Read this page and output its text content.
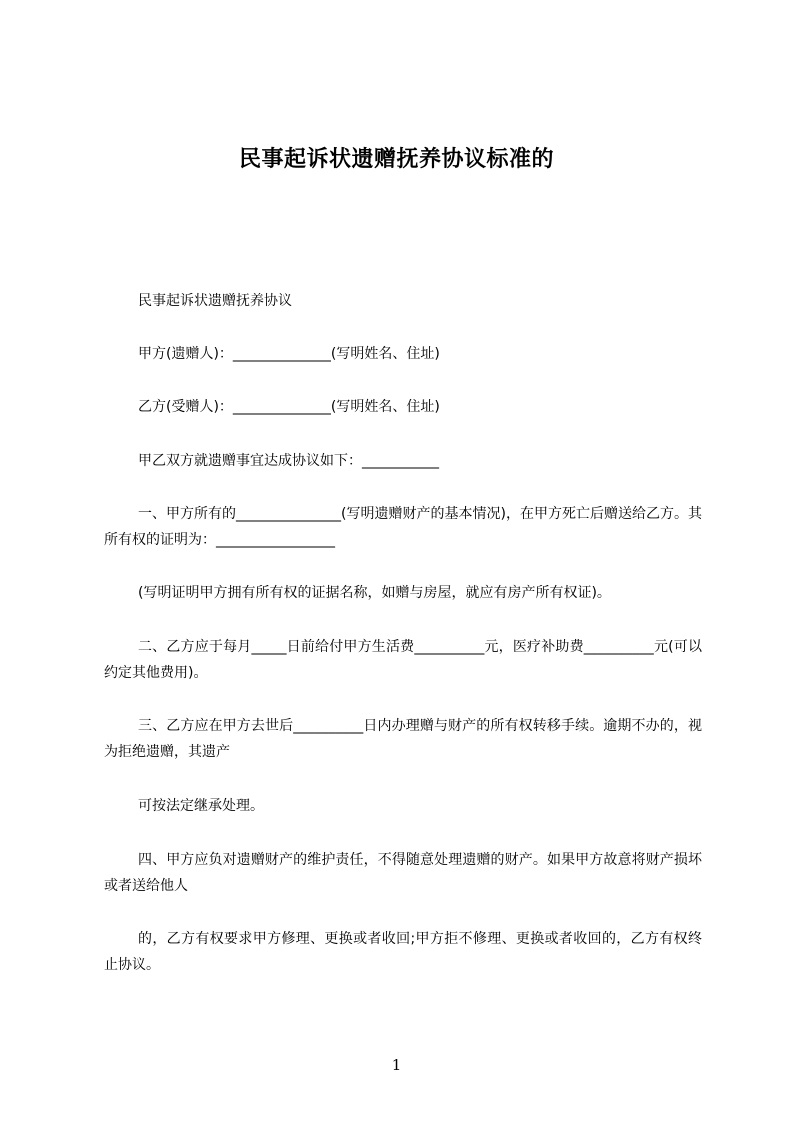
民事起诉状遗赠抚养协议标准的
民事起诉状遗赠抚养协议
甲方(遗赠人)：______________(写明姓名、住址)
乙方(受赠人)：______________(写明姓名、住址)
甲乙双方就遗赠事宜达成协议如下：___________
一、甲方所有的_______________(写明遗赠财产的基本情况)，在甲方死亡后赠送给乙方。其所有权的证明为：_________________
(写明证明甲方拥有所有权的证据名称，如赠与房屋，就应有房产所有权证)。
二、乙方应于每月_____日前给付甲方生活费__________元，医疗补助费__________元(可以约定其他费用)。
三、乙方应在甲方去世后__________日内办理赠与财产的所有权转移手续。逾期不办的，视为拒绝遗赠，其遗产
可按法定继承处理。
四、甲方应负对遗赠财产的维护责任，不得随意处理遗赠的财产。如果甲方故意将财产损坏或者送给他人
的，乙方有权要求甲方修理、更换或者收回;甲方拒不修理、更换或者收回的，乙方有权终止协议。
1
